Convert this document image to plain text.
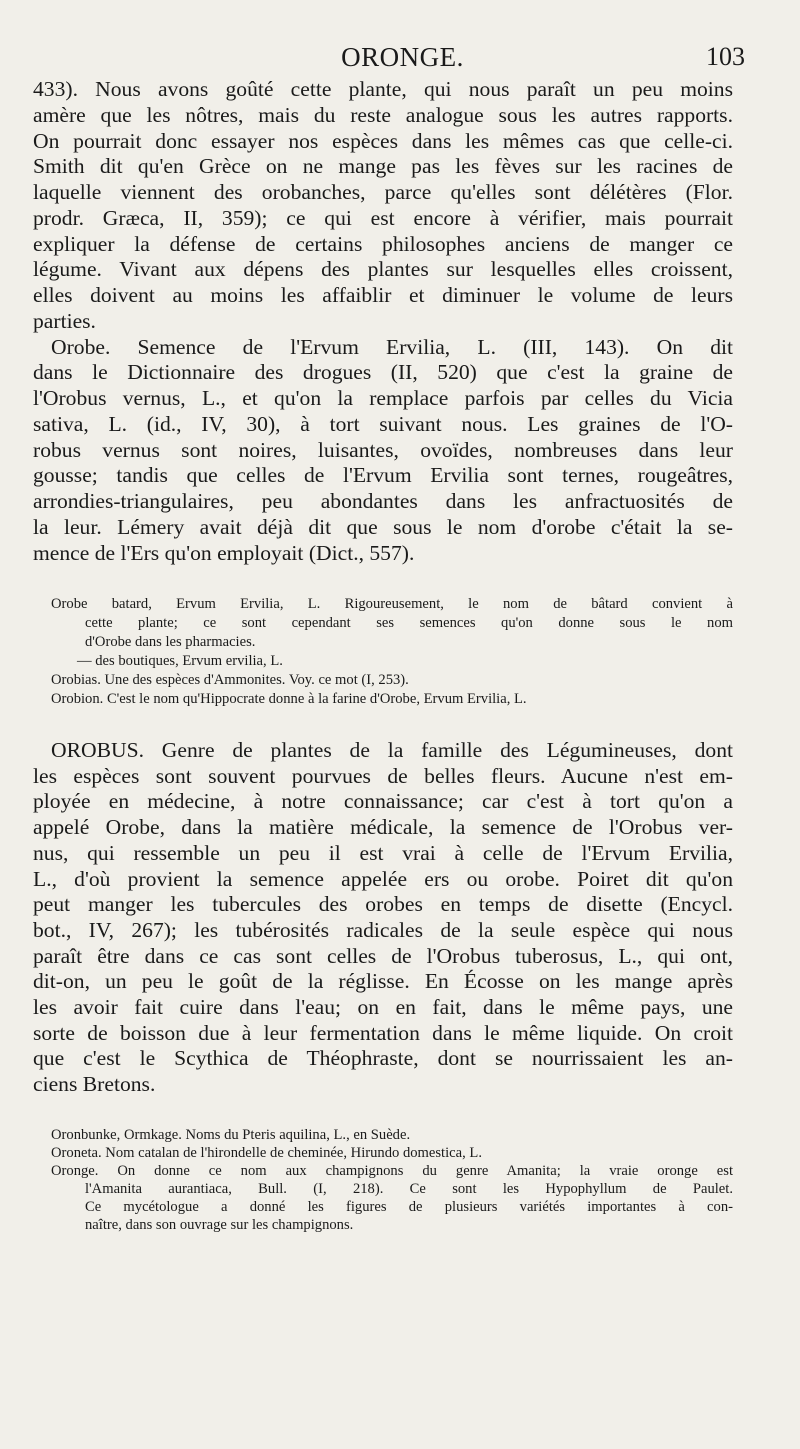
ORONGE.	103
433). Nous avons goûté cette plante, qui nous paraît un peu moins
amère que les nôtres, mais du reste analogue sous les autres rapports.
On pourrait donc essayer nos espèces dans les mêmes cas que celle-ci.
Smith dit qu'en Grèce on ne mange pas les fèves sur les racines de
laquelle viennent des orobanches, parce qu'elles sont délétères (Flor.
prodr. Græca, II, 359); ce qui est encore à vérifier, mais pourrait
expliquer la défense de certains philosophes anciens de manger ce
légume. Vivant aux dépens des plantes sur lesquelles elles croissent,
elles doivent au moins les affaiblir et diminuer le volume de leurs
parties.
Orobe. Semence de l'Ervum Ervilia, L. (III, 143). On dit
dans le Dictionnaire des drogues (II, 520) que c'est la graine de
l'Orobus vernus, L., et qu'on la remplace parfois par celles du Vicia
sativa, L. (id., IV, 30), à tort suivant nous. Les graines de l'O-
robus vernus sont noires, luisantes, ovoïdes, nombreuses dans leur
gousse; tandis que celles de l'Ervum Ervilia sont ternes, rougeâtres,
arrondies-triangulaires, peu abondantes dans les anfractuosités de
la leur. Lémery avait déjà dit que sous le nom d'orobe c'était la se-
mence de l'Ers qu'on employait (Dict., 557).
Orobe batard, Ervum Ervilia, L. Rigoureusement, le nom de bâtard convient à
cette plante; ce sont cependant ses semences qu'on donne sous le nom
d'Orobe dans les pharmacies.
— des boutiques, Ervum ervilia, L.
Orobias. Une des espèces d'Ammonites. Voy. ce mot (I, 253).
Orobion. C'est le nom qu'Hippocrate donne à la farine d'Orobe, Ervum Ervilia, L.
OROBUS. Genre de plantes de la famille des Légumineuses, dont
les espèces sont souvent pourvues de belles fleurs. Aucune n'est em-
ployée en médecine, à notre connaissance; car c'est à tort qu'on a
appelé Orobe, dans la matière médicale, la semence de l'Orobus ver-
nus, qui ressemble un peu il est vrai à celle de l'Ervum Ervilia,
L., d'où provient la semence appelée ers ou orobe. Poiret dit qu'on
peut manger les tubercules des orobes en temps de disette (Encycl.
bot., IV, 267); les tubérosités radicales de la seule espèce qui nous
paraît être dans ce cas sont celles de l'Orobus tuberosus, L., qui ont,
dit-on, un peu le goût de la réglisse. En Écosse on les mange après
les avoir fait cuire dans l'eau; on en fait, dans le même pays, une
sorte de boisson due à leur fermentation dans le même liquide. On croit
que c'est le Scythica de Théophraste, dont se nourrissaient les an-
ciens Bretons.
Oronbunke, Ormkage. Noms du Pteris aquilina, L., en Suède.
Oroneta. Nom catalan de l'hirondelle de cheminée, Hirundo domestica, L.
Oronge. On donne ce nom aux champignons du genre Amanita; la vraie oronge est
l'Amanita aurantiaca, Bull. (I, 218). Ce sont les Hypophyllum de Paulet.
Ce mycétologue a donné les figures de plusieurs variétés importantes à con-
naître, dans son ouvrage sur les champignons.
